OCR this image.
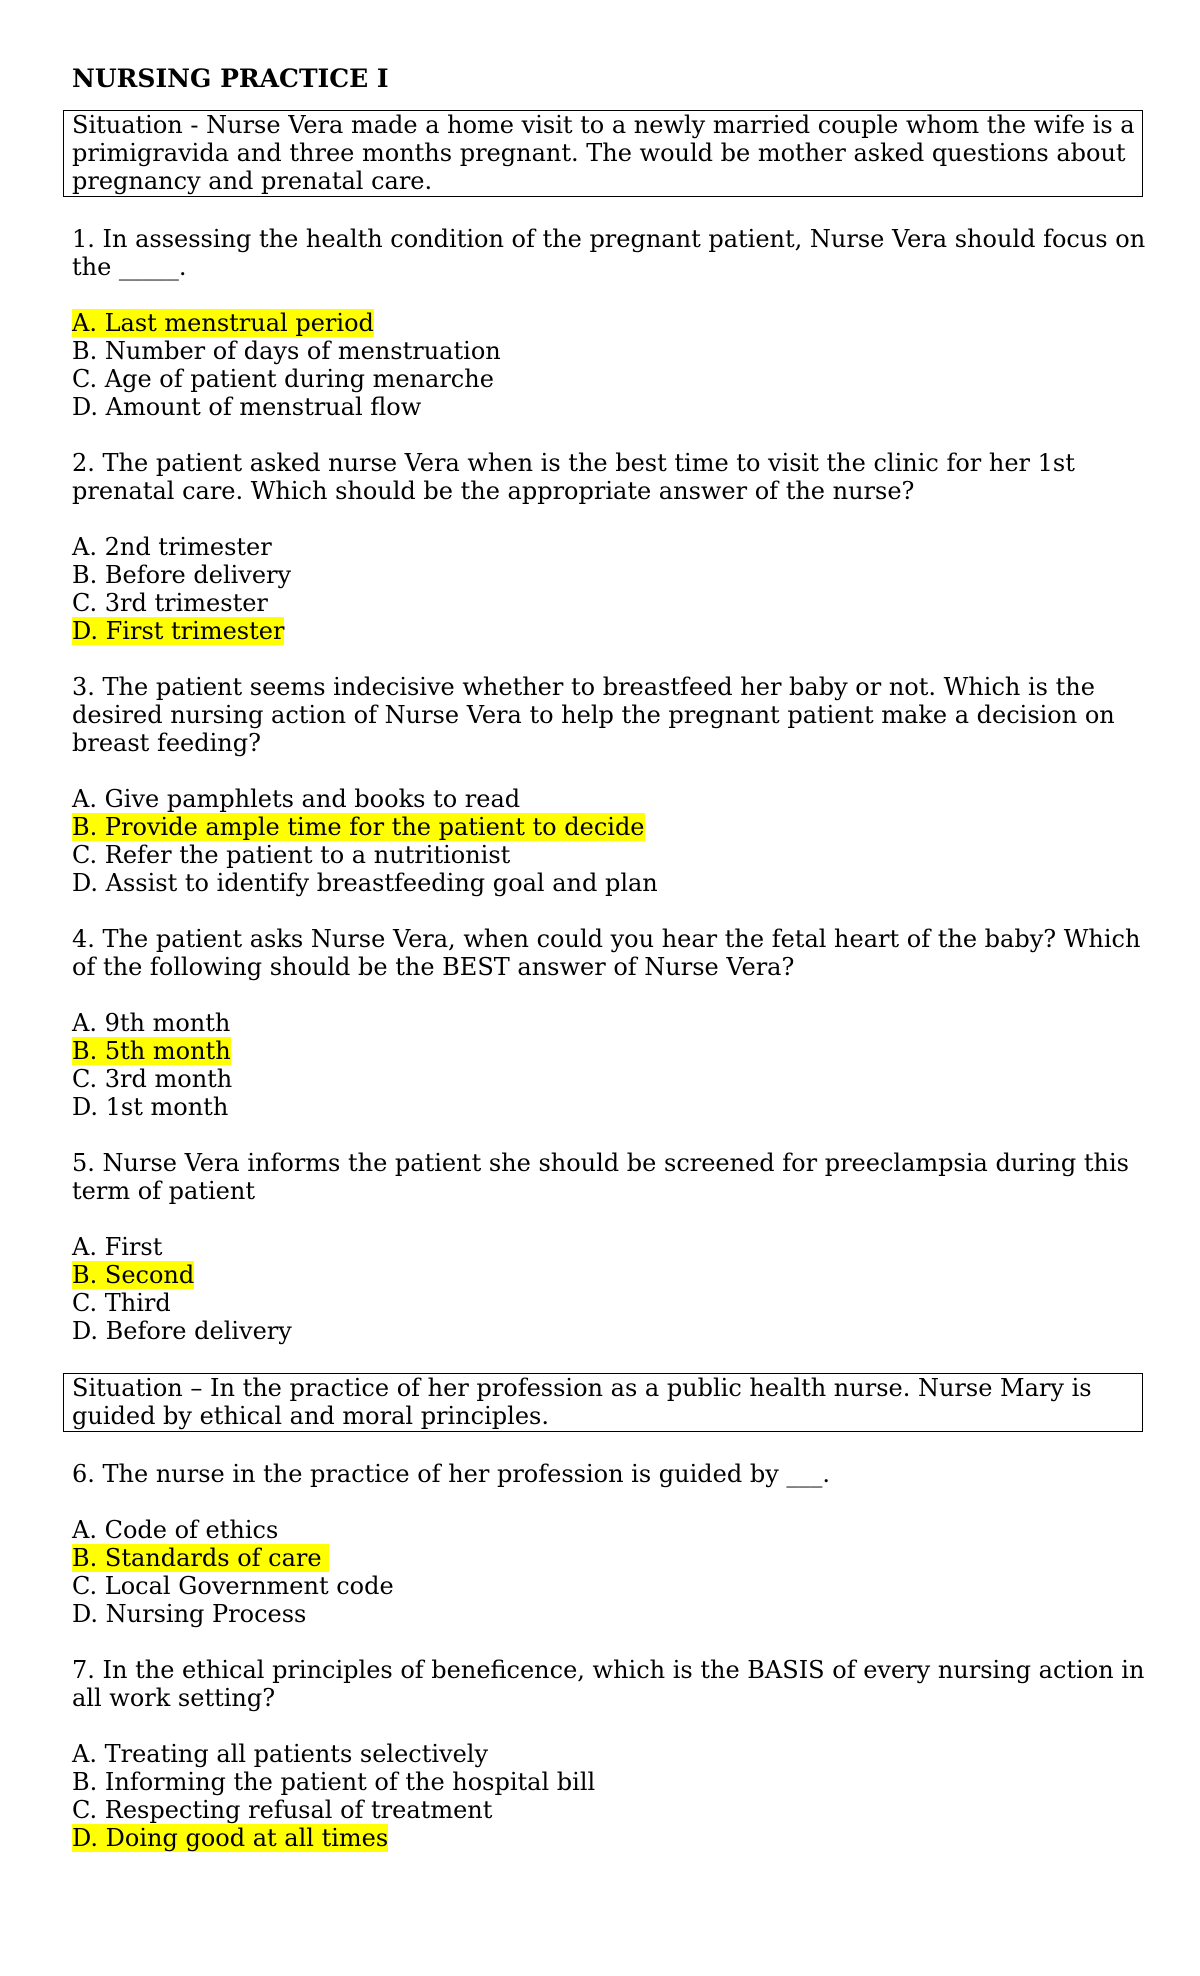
NURSING PRACTICE I
Situation - Nurse Vera made a home visit to a newly married couple whom the wife is a primigravida and three months pregnant. The would be mother asked questions about pregnancy and prenatal care.

1. In assessing the health condition of the pregnant patient, Nurse Vera should focus on the _____.

A. Last menstrual period
B. Number of days of menstruation
C. Age of patient during menarche
D. Amount of menstrual flow

2. The patient asked nurse Vera when is the best time to visit the clinic for her 1st prenatal care. Which should be the appropriate answer of the nurse?

A. 2nd trimester
B. Before delivery
C. 3rd trimester
D. First trimester

3. The patient seems indecisive whether to breastfeed her baby or not. Which is the desired nursing action of Nurse Vera to help the pregnant patient make a decision on breast feeding?

A. Give pamphlets and books to read
B. Provide ample time for the patient to decide
C. Refer the patient to a nutritionist
D. Assist to identify breastfeeding goal and plan

4. The patient asks Nurse Vera, when could you hear the fetal heart of the baby? Which of the following should be the BEST answer of Nurse Vera?

A. 9th month
B. 5th month
C. 3rd month
D. 1st month

5. Nurse Vera informs the patient she should be screened for preeclampsia during this term of patient

A. First
B. Second
C. Third
D. Before delivery
Situation – In the practice of her profession as a public health nurse. Nurse Mary is guided by ethical and moral principles.

6. The nurse in the practice of her profession is guided by ___.

A. Code of ethics
B. Standards of care
C. Local Government code
D. Nursing Process

7. In the ethical principles of beneficence, which is the BASIS of every nursing action in all work setting?

A. Treating all patients selectively
B. Informing the patient of the hospital bill
C. Respecting refusal of treatment
D. Doing good at all times
